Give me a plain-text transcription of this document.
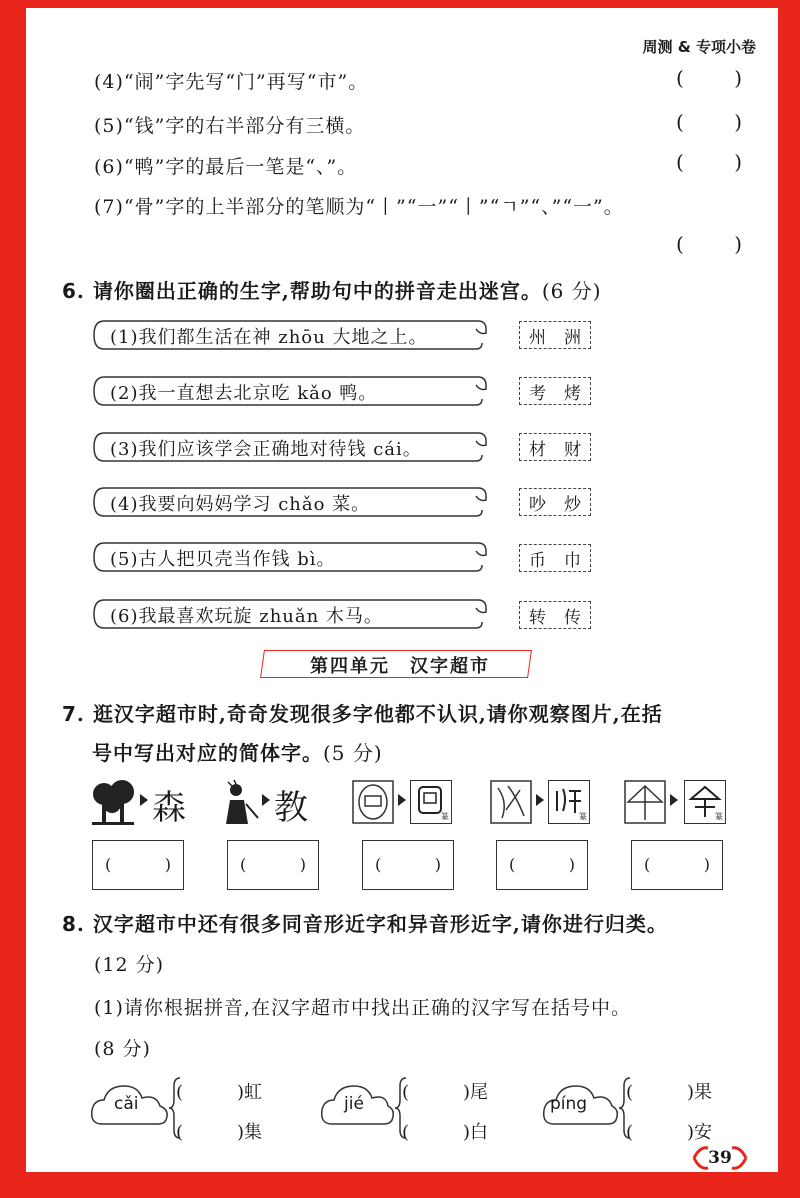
周测 & 专项小卷
(4)“闹”字先写“门”再写“市”。	(	)
(5)“钱”字的右半部分有三横。	(	)
(6)“鸭”字的最后一笔是“、”。	(	)
(7)“骨”字的上半部分的笔顺为“丨”“一”“丨”“ㄱ”“、”“一”。
(	)
6. 请你圈出正确的生字,帮助句中的拼音走出迷宫。(6 分)
(1)我们都生活在神 zhōu 大地之上。	州 洲
(2)我一直想去北京吃 kǎo 鸭。	考 烤
(3)我们应该学会正确地对待钱 cái。	材 财
(4)我要向妈妈学习 chǎo 菜。	吵 炒
(5)古人把贝壳当作钱 bì。	币 巾
(6)我最喜欢玩旋 zhuǎn 木马。	转 传
第四单元　汉字超市
7. 逛汉字超市时,奇奇发现很多字他都不认识,请你观察图片,在括
号中写出对应的简体字。(5 分)
森	教	篆	篆	篆
(	)	(	)	(	)	(	)	(	)
8. 汉字超市中还有很多同音形近字和异音形近字,请你进行归类。
(12 分)
(1)请你根据拼音,在汉字超市中找出正确的汉字写在括号中。
(8 分)
cǎi
(　　　)虹
(　　　)集
jié
(　　　)尾
(　　　)白
píng
(　　　)果
(　　　)安
39
